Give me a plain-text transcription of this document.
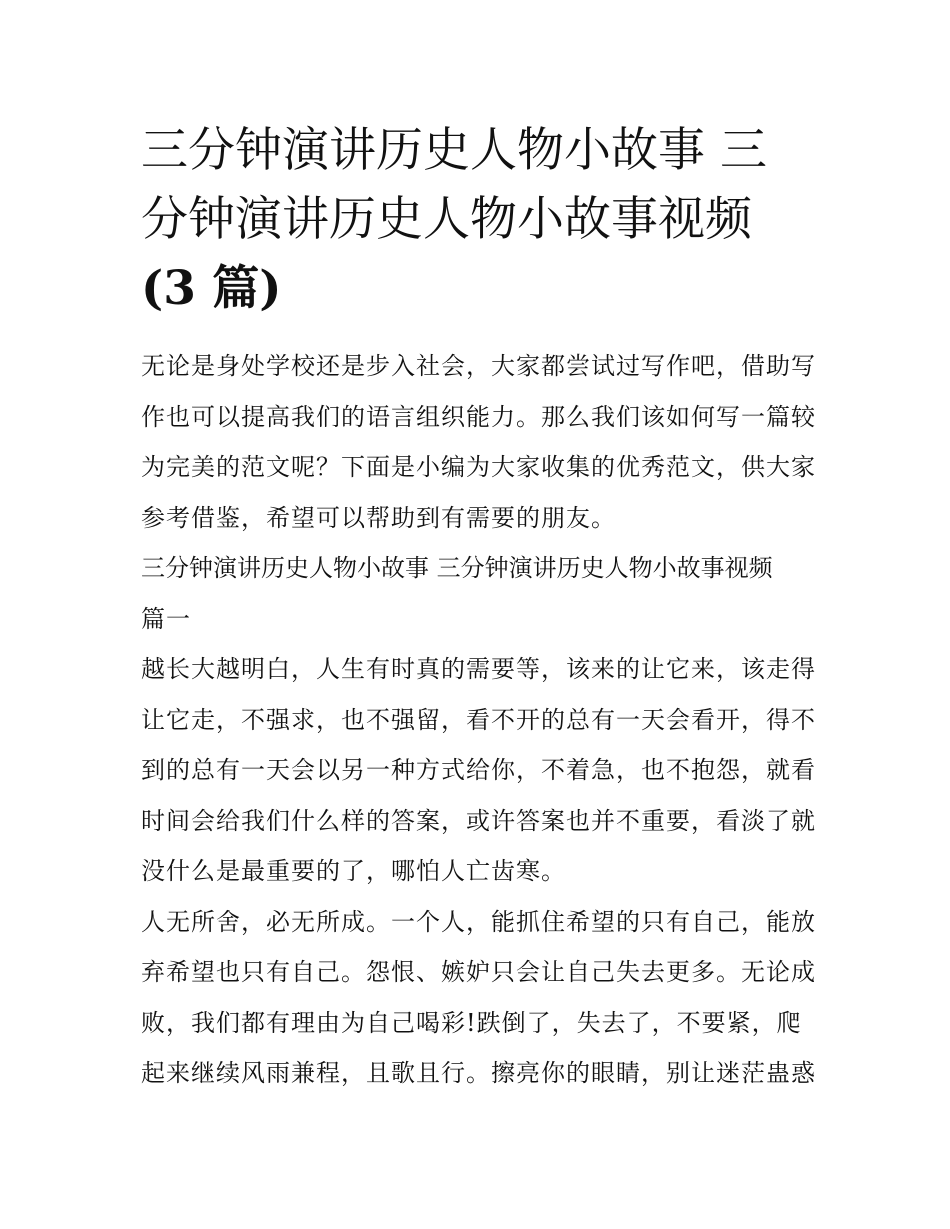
三分钟演讲历史人物小故事 三
分钟演讲历史人物小故事视频
(3 篇)
无论是身处学校还是步入社会，大家都尝试过写作吧，借助写
作也可以提高我们的语言组织能力。那么我们该如何写一篇较
为完美的范文呢？下面是小编为大家收集的优秀范文，供大家
参考借鉴，希望可以帮助到有需要的朋友。
三分钟演讲历史人物小故事 三分钟演讲历史人物小故事视频
篇一
越长大越明白，人生有时真的需要等，该来的让它来，该走得
让它走，不强求，也不强留，看不开的总有一天会看开，得不
到的总有一天会以另一种方式给你，不着急，也不抱怨，就看
时间会给我们什么样的答案，或许答案也并不重要，看淡了就
没什么是最重要的了，哪怕人亡齿寒。
人无所舍，必无所成。一个人，能抓住希望的只有自己，能放
弃希望也只有自己。怨恨、嫉妒只会让自己失去更多。无论成
败，我们都有理由为自己喝彩!跌倒了，失去了，不要紧，爬
起来继续风雨兼程，且歌且行。擦亮你的眼睛，别让迷茫蛊惑
